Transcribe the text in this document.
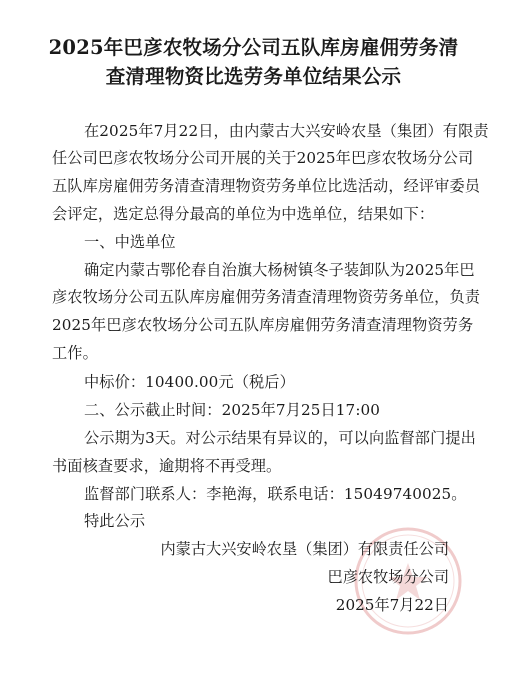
2025年巴彦农牧场分公司五队库房雇佣劳务清
查清理物资比选劳务单位结果公示
在2025年7月22日，由内蒙古大兴安岭农垦（集团）有限责
任公司巴彦农牧场分公司开展的关于2025年巴彦农牧场分公司
五队库房雇佣劳务清查清理物资劳务单位比选活动，经评审委员
会评定，选定总得分最高的单位为中选单位，结果如下：
一、中选单位
确定内蒙古鄂伦春自治旗大杨树镇冬子装卸队为2025年巴
彦农牧场分公司五队库房雇佣劳务清查清理物资劳务单位，负责
2025年巴彦农牧场分公司五队库房雇佣劳务清查清理物资劳务
工作。
中标价：10400.00元（税后）
二、公示截止时间：2025年7月25日17:00
公示期为3天。对公示结果有异议的，可以向监督部门提出
书面核查要求，逾期将不再受理。
监督部门联系人：李艳海，联系电话：15049740025。
特此公示
内蒙古大兴安岭农垦（集团）有限责任公司
巴彦农牧场分公司
2025年7月22日
